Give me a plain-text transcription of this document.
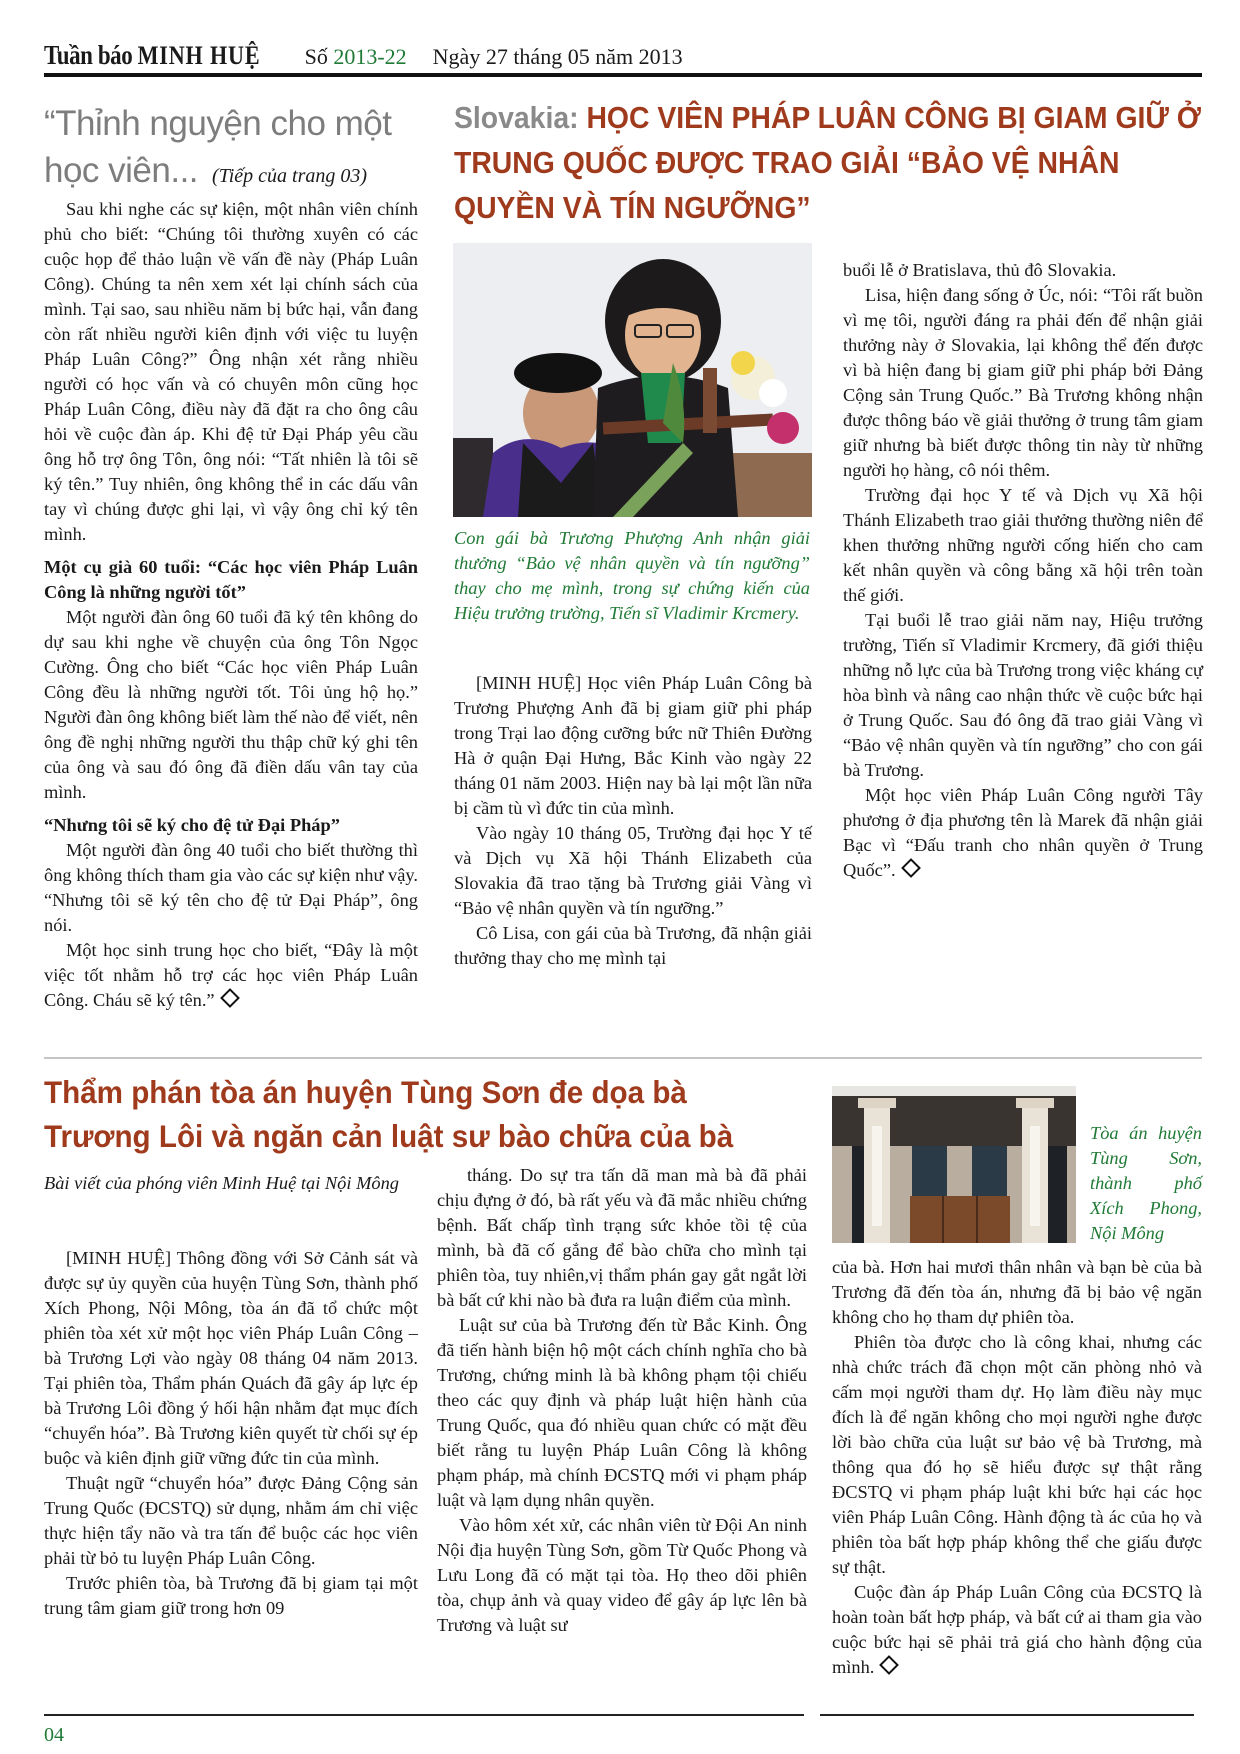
Tuần báo MINH HUỆ Số 2013-22 Ngày 27 tháng 05 năm 2013
“Thỉnh nguyện cho một học viên... (Tiếp của trang 03)

Sau khi nghe các sự kiện, một nhân viên chính phủ cho biết: “Chúng tôi thường xuyên có các cuộc họp để thảo luận về vấn đề này (Pháp Luân Công). Chúng ta nên xem xét lại chính sách của mình. Tại sao, sau nhiều năm bị bức hại, vẫn đang còn rất nhiều người kiên định với việc tu luyện Pháp Luân Công?” Ông nhận xét rằng nhiều người có học vấn và có chuyên môn cũng học Pháp Luân Công, điều này đã đặt ra cho ông câu hỏi về cuộc đàn áp. Khi đệ tử Đại Pháp yêu cầu ông hỗ trợ ông Tôn, ông nói: “Tất nhiên là tôi sẽ ký tên.” Tuy nhiên, ông không thể in các dấu vân tay vì chúng được ghi lại, vì vậy ông chỉ ký tên mình.

Một cụ già 60 tuổi: “Các học viên Pháp Luân Công là những người tốt”

Một người đàn ông 60 tuổi đã ký tên không do dự sau khi nghe về chuyện của ông Tôn Ngọc Cường. Ông cho biết “Các học viên Pháp Luân Công đều là những người tốt. Tôi ủng hộ họ.” Người đàn ông không biết làm thế nào để viết, nên ông đề nghị những người thu thập chữ ký ghi tên của ông và sau đó ông đã điền dấu vân tay của mình.

“Nhưng tôi sẽ ký cho đệ tử Đại Pháp”

Một người đàn ông 40 tuổi cho biết thường thì ông không thích tham gia vào các sự kiện như vậy. “Nhưng tôi sẽ ký tên cho đệ tử Đại Pháp”, ông nói.

Một học sinh trung học cho biết, “Đây là một việc tốt nhằm hỗ trợ các học viên Pháp Luân Công. Cháu sẽ ký tên.”

Slovakia: HỌC VIÊN PHÁP LUÂN CÔNG BỊ GIAM GIỮ Ở TRUNG QUỐC ĐƯỢC TRAO GIẢI “BẢO VỆ NHÂN QUYỀN VÀ TÍN NGƯỠNG”
Con gái bà Trương Phượng Anh nhận giải thưởng “Bảo vệ nhân quyền và tín ngưỡng” thay cho mẹ mình, trong sự chứng kiến của Hiệu trưởng trường, Tiến sĩ Vladimir Krcmery.

[MINH HUỆ] Học viên Pháp Luân Công bà Trương Phượng Anh đã bị giam giữ phi pháp trong Trại lao động cưỡng bức nữ Thiên Đường Hà ở quận Đại Hưng, Bắc Kinh vào ngày 22 tháng 01 năm 2003. Hiện nay bà lại một lần nữa bị cầm tù vì đức tin của mình.

Vào ngày 10 tháng 05, Trường đại học Y tế và Dịch vụ Xã hội Thánh Elizabeth của Slovakia đã trao tặng bà Trương giải Vàng vì “Bảo vệ nhân quyền và tín ngưỡng.”

Cô Lisa, con gái của bà Trương, đã nhận giải thưởng thay cho mẹ mình tại

buổi lễ ở Bratislava, thủ đô Slovakia.

Lisa, hiện đang sống ở Úc, nói: “Tôi rất buồn vì mẹ tôi, người đáng ra phải đến để nhận giải thưởng này ở Slovakia, lại không thể đến được vì bà hiện đang bị giam giữ phi pháp bởi Đảng Cộng sản Trung Quốc.” Bà Trương không nhận được thông báo về giải thưởng ở trung tâm giam giữ nhưng bà biết được thông tin này từ những người họ hàng, cô nói thêm.

Trường đại học Y tế và Dịch vụ Xã hội Thánh Elizabeth trao giải thưởng thường niên để khen thưởng những người cống hiến cho cam kết nhân quyền và công bằng xã hội trên toàn thế giới.

Tại buổi lễ trao giải năm nay, Hiệu trưởng trường, Tiến sĩ Vladimir Krcmery, đã giới thiệu những nỗ lực của bà Trương trong việc kháng cự hòa bình và nâng cao nhận thức về cuộc bức hại ở Trung Quốc. Sau đó ông đã trao giải Vàng vì “Bảo vệ nhân quyền và tín ngưỡng” cho con gái bà Trương.

Một học viên Pháp Luân Công người Tây phương ở địa phương tên là Marek đã nhận giải Bạc vì “Đấu tranh cho nhân quyền ở Trung Quốc”.

Thẩm phán tòa án huyện Tùng Sơn đe dọa bà Trương Lôi và ngăn cản luật sư bào chữa của bà
Bài viết của phóng viên Minh Huệ tại Nội Mông

[MINH HUỆ] Thông đồng với Sở Cảnh sát và được sự ủy quyền của huyện Tùng Sơn, thành phố Xích Phong, Nội Mông, tòa án đã tổ chức một phiên tòa xét xử một học viên Pháp Luân Công – bà Trương Lợi vào ngày 08 tháng 04 năm 2013. Tại phiên tòa, Thẩm phán Quách đã gây áp lực ép bà Trương Lôi đồng ý hối hận nhằm đạt mục đích “chuyển hóa”. Bà Trương kiên quyết từ chối sự ép buộc và kiên định giữ vững đức tin của mình.

Thuật ngữ “chuyển hóa” được Đảng Cộng sản Trung Quốc (ĐCSTQ) sử dụng, nhằm ám chỉ việc thực hiện tẩy não và tra tấn để buộc các học viên phải từ bỏ tu luyện Pháp Luân Công.

Trước phiên tòa, bà Trương đã bị giam tại một trung tâm giam giữ trong hơn 09

tháng. Do sự tra tấn dã man mà bà đã phải chịu đựng ở đó, bà rất yếu và đã mắc nhiều chứng bệnh. Bất chấp tình trạng sức khỏe tồi tệ của mình, bà đã cố gắng để bào chữa cho mình tại phiên tòa, tuy nhiên,vị thẩm phán gay gắt ngắt lời bà bất cứ khi nào bà đưa ra luận điểm của mình.

Luật sư của bà Trương đến từ Bắc Kinh. Ông đã tiến hành biện hộ một cách chính nghĩa cho bà Trương, chứng minh là bà không phạm tội chiếu theo các quy định và pháp luật hiện hành của Trung Quốc, qua đó nhiều quan chức có mặt đều biết rằng tu luyện Pháp Luân Công là không phạm pháp, mà chính ĐCSTQ mới vi phạm pháp luật và lạm dụng nhân quyền.

Vào hôm xét xử, các nhân viên từ Đội An ninh Nội địa huyện Tùng Sơn, gồm Từ Quốc Phong và Lưu Long đã có mặt tại tòa. Họ theo dõi phiên tòa, chụp ảnh và quay video để gây áp lực lên bà Trương và luật sư

Tòa án huyện Tùng Sơn, thành phố Xích Phong, Nội Mông

của bà. Hơn hai mươi thân nhân và bạn bè của bà Trương đã đến tòa án, nhưng đã bị bảo vệ ngăn không cho họ tham dự phiên tòa.

Phiên tòa được cho là công khai, nhưng các nhà chức trách đã chọn một căn phòng nhỏ và cấm mọi người tham dự. Họ làm điều này mục đích là để ngăn không cho mọi người nghe được lời bào chữa của luật sư bảo vệ bà Trương, mà thông qua đó họ sẽ hiểu được sự thật rằng ĐCSTQ vi phạm pháp luật khi bức hại các học viên Pháp Luân Công. Hành động tà ác của họ và phiên tòa bất hợp pháp không thể che giấu được sự thật.

Cuộc đàn áp Pháp Luân Công của ĐCSTQ là hoàn toàn bất hợp pháp, và bất cứ ai tham gia vào cuộc bức hại sẽ phải trả giá cho hành động của mình.

04
